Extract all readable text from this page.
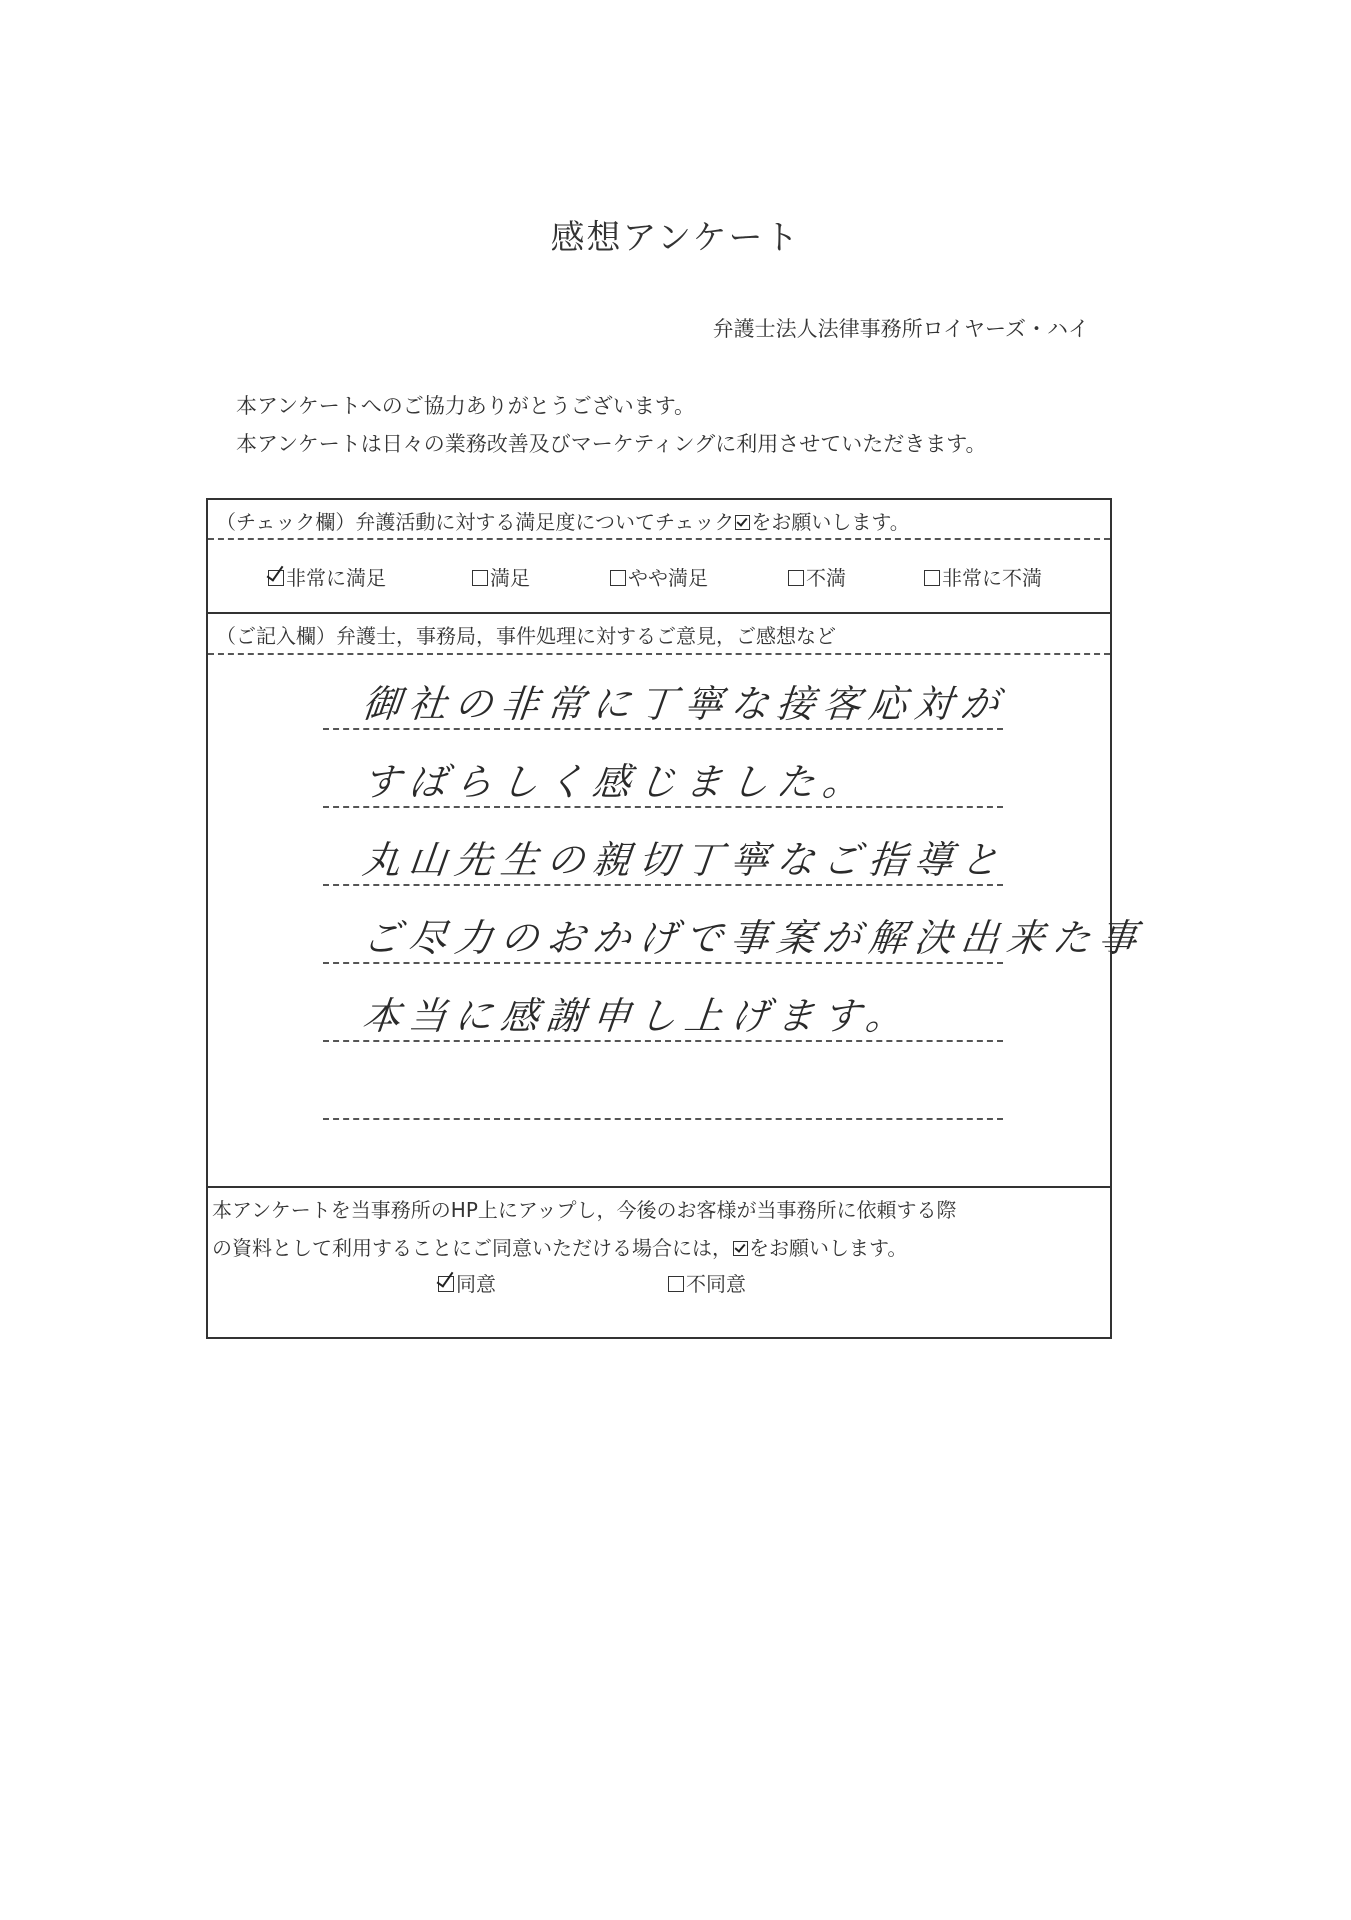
感想アンケート
弁護士法人法律事務所ロイヤーズ・ハイ
本アンケートへのご協力ありがとうございます。
本アンケートは日々の業務改善及びマーケティングに利用させていただきます。
（チェック欄）弁護活動に対する満足度についてチェック をお願いします。
非常に満足	満足	やや満足	不満	非常に不満
（ご記入欄）弁護士，事務局，事件処理に対するご意見，ご感想など
御社の非常に丁寧な接客応対が
すばらしく感じました。
丸山先生の親切丁寧なご指導と
ご尽力のおかげで事案が解決出来た事
本当に感謝申し上げます。
本アンケートを当事務所のHP上にアップし，今後のお客様が当事務所に依頼する際
の資料として利用することにご同意いただける場合には， をお願いします。
同意	不同意
